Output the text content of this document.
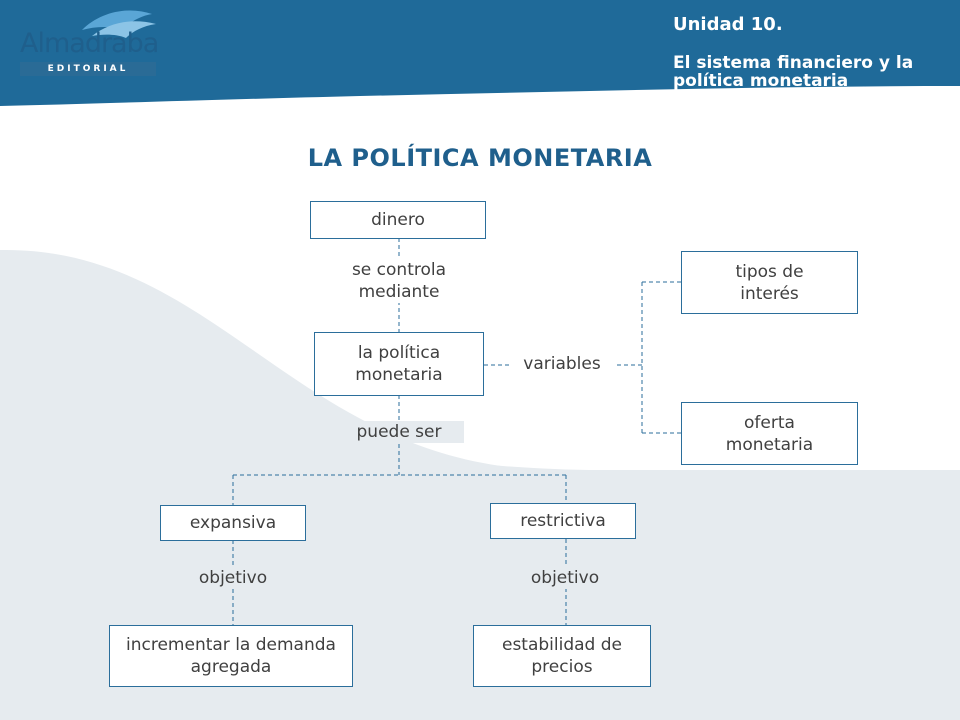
Almadraba
EDITORIAL
Unidad 10.
El sistema financiero y la política monetaria
LA POLÍTICA MONETARIA
se controla mediante
variables
puede ser
objetivo	objetivo
dinero
la política monetaria
tipos de interés
oferta monetaria
expansiva	restrictiva
incrementar la demanda agregada
estabilidad de precios
